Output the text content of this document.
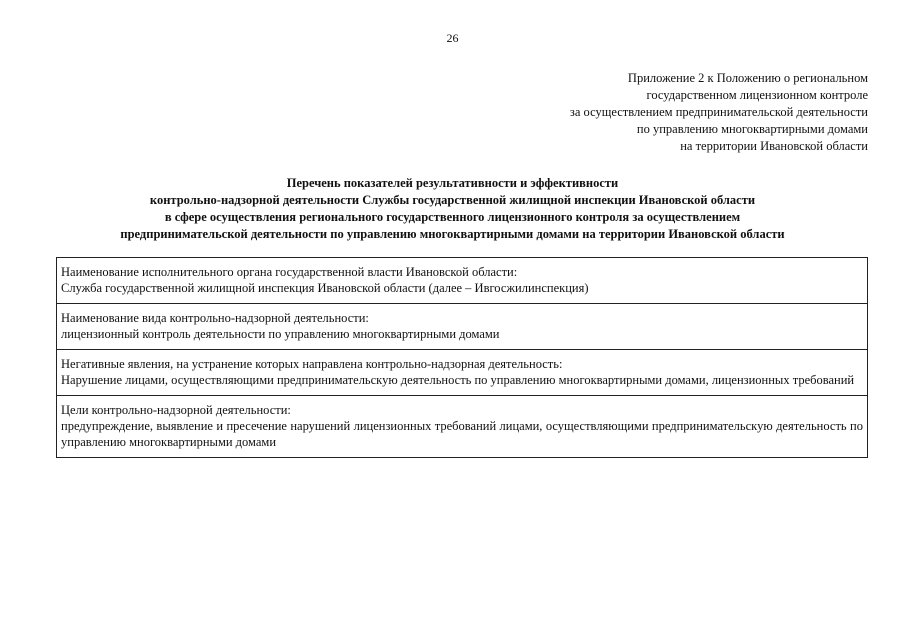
26
Приложение 2 к Положению о региональном
государственном лицензионном контроле
за осуществлением предпринимательской деятельности
по управлению многоквартирными домами
на территории Ивановской области
Перечень показателей результативности и эффективности
контрольно-надзорной деятельности Службы государственной жилищной инспекции Ивановской области
в сфере осуществления регионального государственного лицензионного контроля за осуществлением
предпринимательской деятельности по управлению многоквартирными домами на территории Ивановской области
Наименование исполнительного органа государственной власти Ивановской области:
Служба государственной жилищной инспекция Ивановской области (далее – Ивгосжилинспекция)

Наименование вида контрольно-надзорной деятельности:
лицензионный контроль деятельности по управлению многоквартирными домами

Негативные явления, на устранение которых направлена контрольно-надзорная деятельность:
Нарушение лицами, осуществляющими предпринимательскую деятельность по управлению многоквартирными домами, лицензионных требований

Цели контрольно-надзорной деятельности:
предупреждение, выявление и пресечение нарушений лицензионных требований лицами, осуществляющими предпринимательскую деятельность по управлению многоквартирными домами
